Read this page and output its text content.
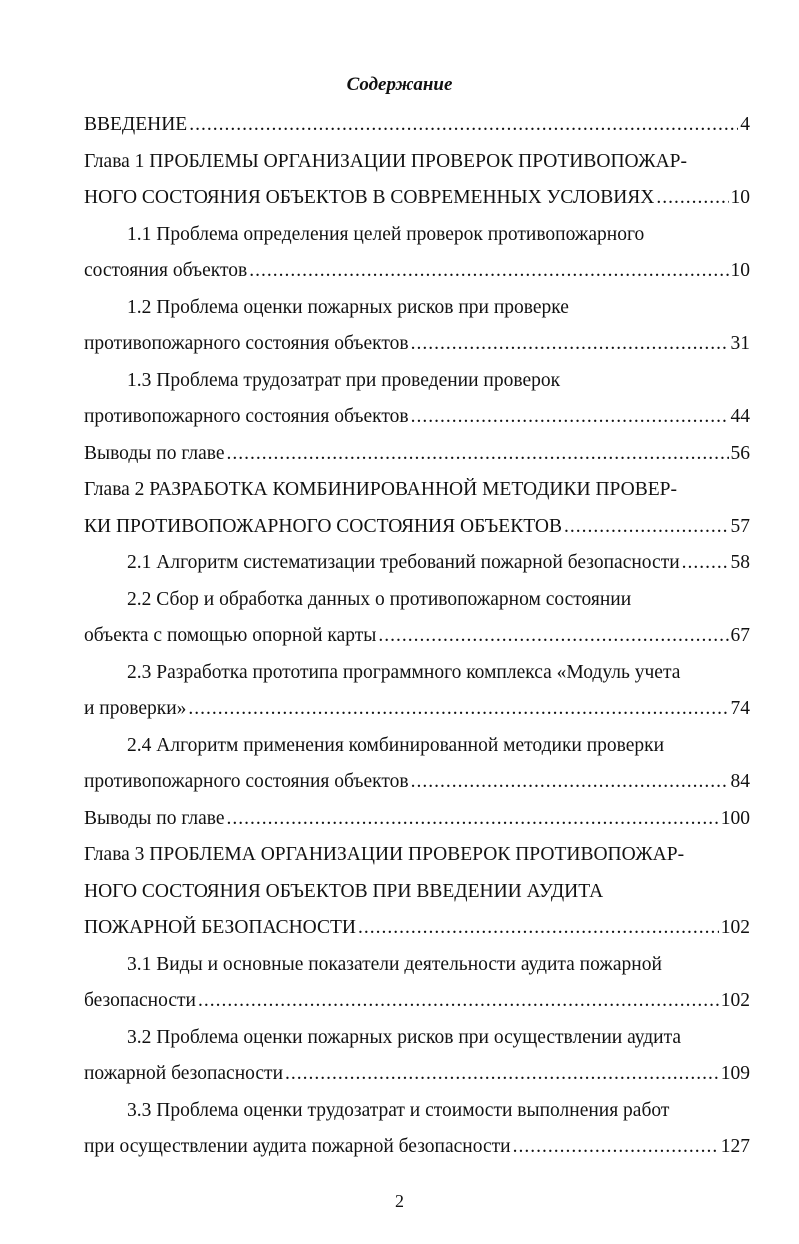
Содержание
ВВЕДЕНИЕ .....	4
Глава 1 ПРОБЛЕМЫ ОРГАНИЗАЦИИ ПРОВЕРОК ПРОТИВОПОЖАР-
НОГО СОСТОЯНИЯ ОБЪЕКТОВ В СОВРЕМЕННЫХ УСЛОВИЯХ .....	10
1.1 Проблема определения целей проверок противопожарного
состояния объектов .....	10
1.2 Проблема оценки пожарных рисков при проверке
противопожарного состояния объектов .....	31
1.3 Проблема трудозатрат при проведении проверок
противопожарного состояния объектов .....	44
Выводы по главе .....	56
Глава 2 РАЗРАБОТКА КОМБИНИРОВАННОЙ МЕТОДИКИ ПРОВЕР-
КИ ПРОТИВОПОЖАРНОГО СОСТОЯНИЯ ОБЪЕКТОВ .....	57
2.1 Алгоритм систематизации требований пожарной безопасности .....	58
2.2 Сбор и обработка данных о противопожарном состоянии
объекта с помощью опорной карты .....	67
2.3 Разработка прототипа программного комплекса «Модуль учета
и проверки» .....	74
2.4 Алгоритм применения комбинированной методики проверки
противопожарного состояния объектов .....	84
Выводы по главе .....	100
Глава 3 ПРОБЛЕМА ОРГАНИЗАЦИИ ПРОВЕРОК ПРОТИВОПОЖАР-
НОГО СОСТОЯНИЯ ОБЪЕКТОВ ПРИ ВВЕДЕНИИ АУДИТА
ПОЖАРНОЙ БЕЗОПАСНОСТИ .....	102
3.1 Виды и основные показатели деятельности аудита пожарной
безопасности .....	102
3.2 Проблема оценки пожарных рисков при осуществлении аудита
пожарной безопасности .....	109
3.3 Проблема оценки трудозатрат и стоимости выполнения работ
при осуществлении аудита пожарной безопасности .....	127
2
